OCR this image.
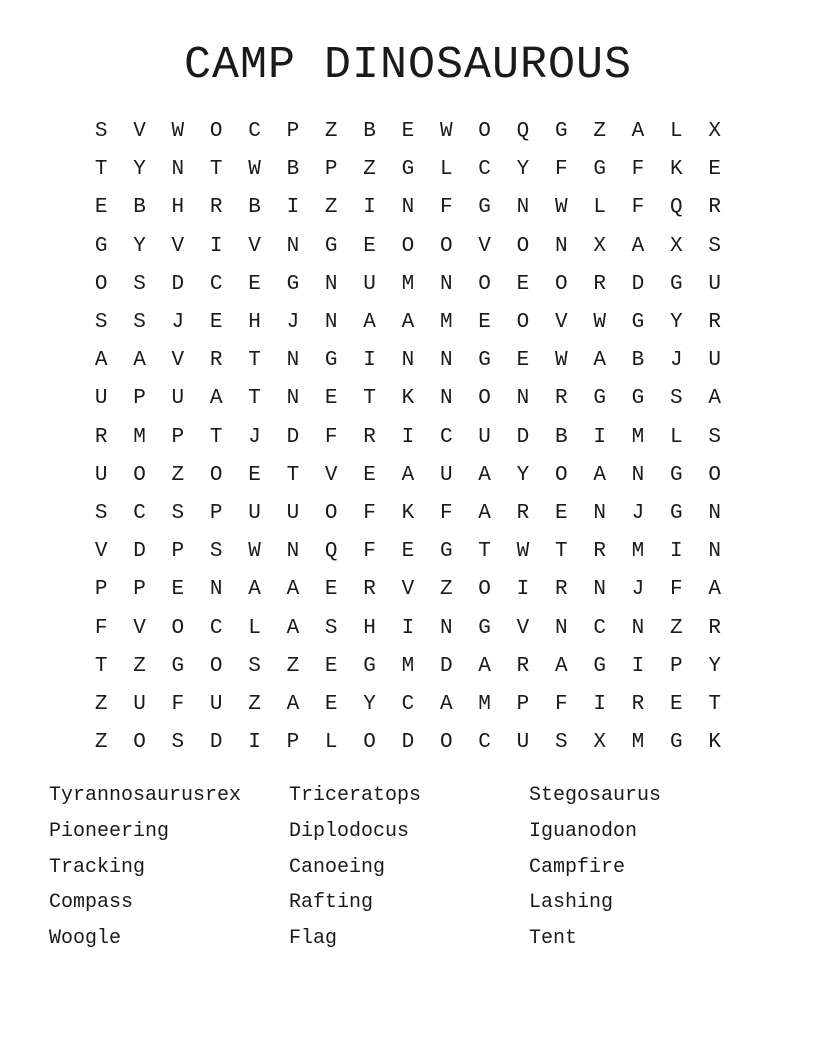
CAMP DINOSAUROUS
S	V	W	O	C	P	Z	B	E	W	O	Q	G	Z	A	L	X
T	Y	N	T	W	B	P	Z	G	L	C	Y	F	G	F	K	E
E	B	H	R	B	I	Z	I	N	F	G	N	W	L	F	Q	R
G	Y	V	I	V	N	G	E	O	O	V	O	N	X	A	X	S
O	S	D	C	E	G	N	U	M	N	O	E	O	R	D	G	U
S	S	J	E	H	J	N	A	A	M	E	O	V	W	G	Y	R
A	A	V	R	T	N	G	I	N	N	G	E	W	A	B	J	U
U	P	U	A	T	N	E	T	K	N	O	N	R	G	G	S	A
R	M	P	T	J	D	F	R	I	C	U	D	B	I	M	L	S
U	O	Z	O	E	T	V	E	A	U	A	Y	O	A	N	G	O
S	C	S	P	U	U	O	F	K	F	A	R	E	N	J	G	N
V	D	P	S	W	N	Q	F	E	G	T	W	T	R	M	I	N
P	P	E	N	A	A	E	R	V	Z	O	I	R	N	J	F	A
F	V	O	C	L	A	S	H	I	N	G	V	N	C	N	Z	R
T	Z	G	O	S	Z	E	G	M	D	A	R	A	G	I	P	Y
Z	U	F	U	Z	A	E	Y	C	A	M	P	F	I	R	E	T
Z	O	S	D	I	P	L	O	D	O	C	U	S	X	M	G	K
Tyrannosaurusrex	Triceratops	Stegosaurus
Pioneering	Diplodocus	Iguanodon
Tracking	Canoeing	Campfire
Compass	Rafting	Lashing
Woogle	Flag	Tent
